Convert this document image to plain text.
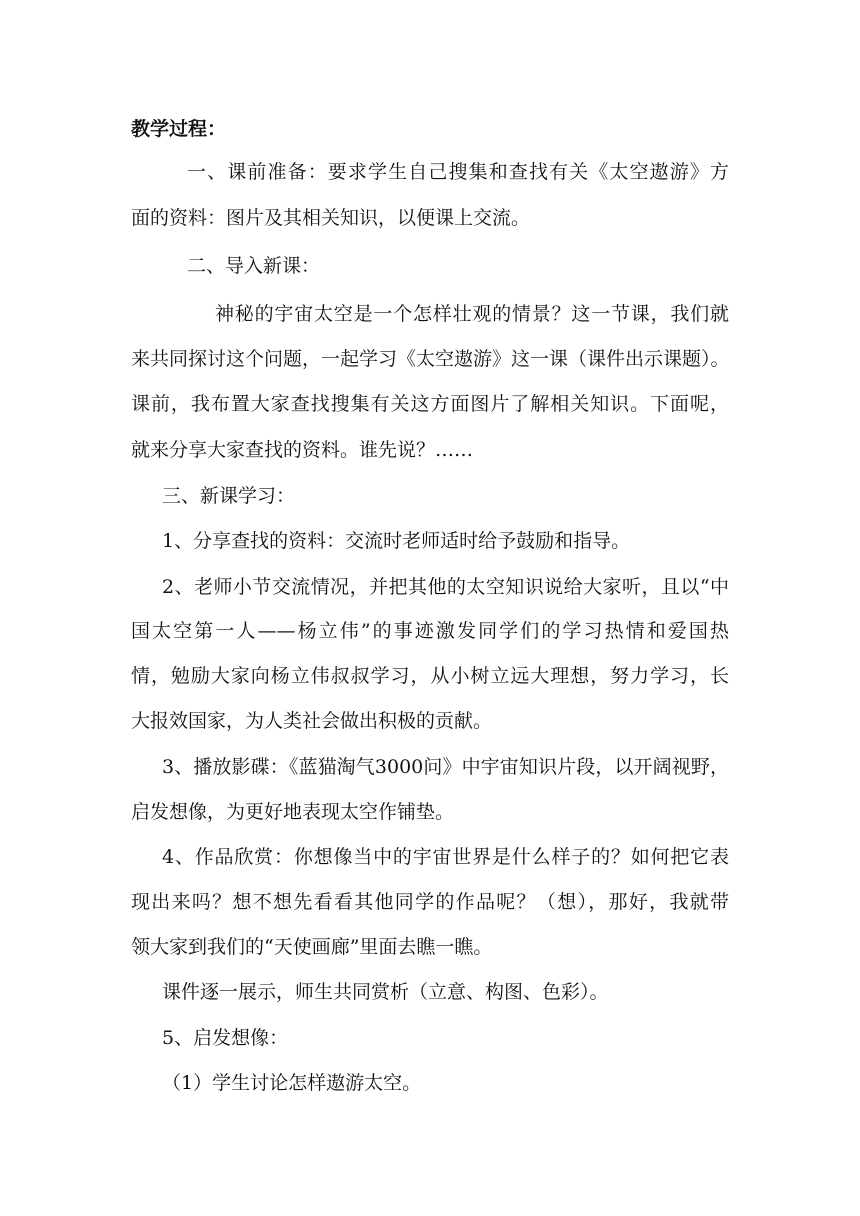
教学过程：
一、课前准备：要求学生自己搜集和查找有关《太空遨游》方
面的资料：图片及其相关知识，以便课上交流。
二、导入新课：
神秘的宇宙太空是一个怎样壮观的情景？这一节课，我们就
来共同探讨这个问题，一起学习《太空遨游》这一课（课件出示课题）。
课前，我布置大家查找搜集有关这方面图片了解相关知识。下面呢，
就来分享大家查找的资料。谁先说？……
三、新课学习：
1、分享查找的资料：交流时老师适时给予鼓励和指导。
2、老师小节交流情况，并把其他的太空知识说给大家听，且以“中
国太空第一人——杨立伟”的事迹激发同学们的学习热情和爱国热
情，勉励大家向杨立伟叔叔学习，从小树立远大理想，努力学习，长
大报效国家，为人类社会做出积极的贡献。
3、播放影碟：《蓝猫淘气3000问》中宇宙知识片段，以开阔视野，
启发想像，为更好地表现太空作铺垫。
4、作品欣赏：你想像当中的宇宙世界是什么样子的？如何把它表
现出来吗？想不想先看看其他同学的作品呢？（想），那好，我就带
领大家到我们的“天使画廊”里面去瞧一瞧。
课件逐一展示，师生共同赏析（立意、构图、色彩）。
5、启发想像：
（1）学生讨论怎样遨游太空。
